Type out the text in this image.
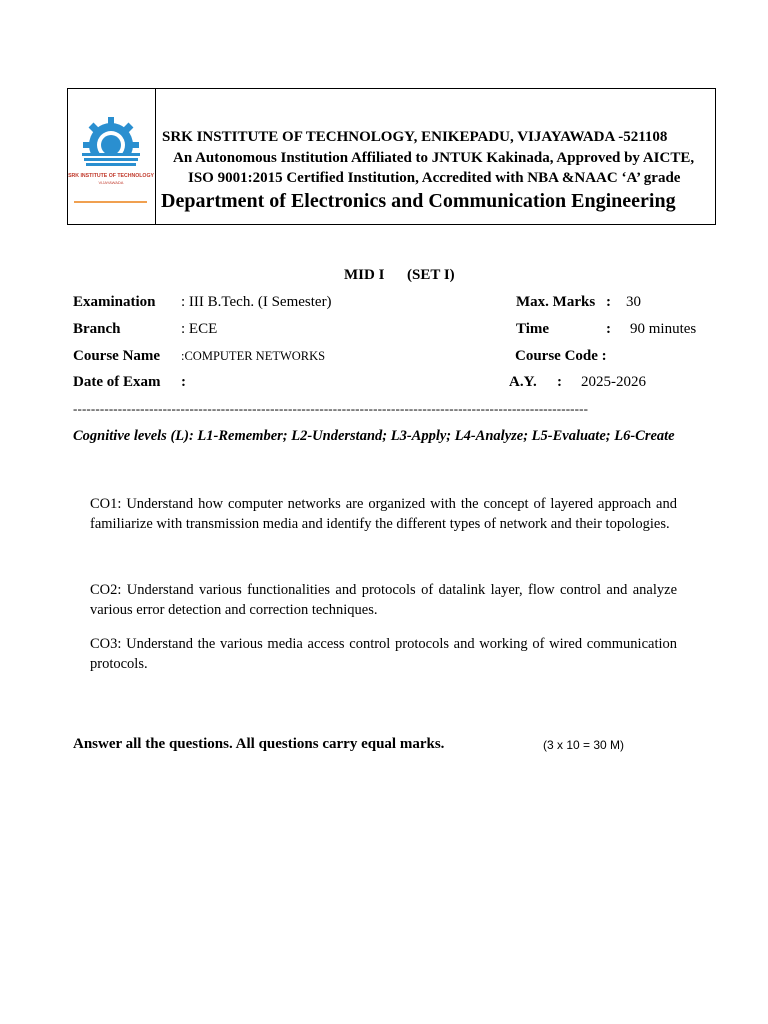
SRK INSTITUTE OF TECHNOLOGY
VIJAYAWADA
SRK INSTITUTE OF TECHNOLOGY, ENIKEPADU, VIJAYAWADA -521108
An Autonomous Institution Affiliated to JNTUK Kakinada, Approved by AICTE,
ISO 9001:2015 Certified Institution, Accredited with NBA &NAAC ‘A’ grade
Department of Electronics and Communication Engineering
MID I (SET I)
Examination : III B.Tech. (I Semester)	Max. Marks : 30
Branch	: ECE	Time	: 90 minutes
Course Name :COMPUTER NETWORKS	Course Code :
Date of Exam :	A.Y. : 2025-2026
-------------------------------------------------------------------------------------------------------------------
Cognitive levels (L): L1-Remember; L2-Understand; L3-Apply; L4-Analyze; L5-Evaluate; L6-Create
CO1: Understand how computer networks are organized with the concept of layered approach and familiarize with transmission media and identify the different types of network and their topologies.
CO2: Understand various functionalities and protocols of datalink layer, flow control and analyze various error detection and correction techniques.
CO3: Understand the various media access control protocols and working of wired communication protocols.
Answer all the questions. All questions carry equal marks.	(3 x 10 = 30 M)
